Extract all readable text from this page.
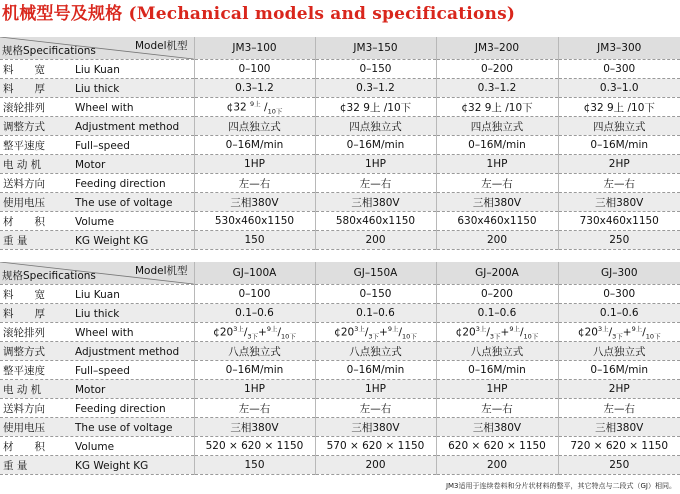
机械型号及规格 (Mechanical models and specifications)
Model机型
规格Specifications	JM3–100	JM3–150	JM3–200	JM3–300
料　　宽 Liu Kuan	0–100	0–150	0–200	0–300
料　　厚 Liu thick	0.3–1.2	0.3–1.2	0.3–1.2	0.3–1.0
滚轮排列 Wheel with	¢32 $^{9上}$ $/_{10下}$	¢32 9上 /10下	¢32 9上 /10下	¢32 9上 /10下
调整方式 Adjustment method	四点独立式	四点独立式	四点独立式	四点独立式
整平速度 Full–speed	0–16M/min	0–16M/min	0–16M/min	0–16M/min
电 动 机 Motor	1HP	1HP	1HP	2HP
送料方向 Feeding direction	左—右	左—右	左—右	左—右
使用电压 The use of voltage	三相380V	三相380V	三相380V	三相380V
材　　积 Volume	530x460x1150	580x460x1150	630x460x1150	730x460x1150
重 量 KG Weight KG	150	200	200	250
Model机型
规格Specifications	GJ–100A	GJ–150A	GJ–200A	GJ–300
料　　宽 Liu Kuan	0–100	0–150	0–200	0–300
料　　厚 Liu thick	0.1–0.6	0.1–0.6	0.1–0.6	0.1–0.6
滚轮排列 Wheel with	$¢20^{3上}/_{3下}+^{9上}/_{10下}$	$¢20^{3上}/_{3下}+^{9上}/_{10下}$	$¢20^{3上}/_{3下}+^{9上}/_{10下}$	$¢20^{3上}/_{3下}+^{9上}/_{10下}$
调整方式 Adjustment method	八点独立式	八点独立式	八点独立式	八点独立式
整平速度 Full–speed	0–16M/min	0–16M/min	0–16M/min	0–16M/min
电 动 机 Motor	1HP	1HP	1HP	2HP
送料方向 Feeding direction	左—右	左—右	左—右	左—右
使用电压 The use of voltage	三相380V	三相380V	三相380V	三相380V
材　　积 Volume	520 × 620 × 1150	570 × 620 × 1150	620 × 620 × 1150	720 × 620 × 1150
重 量 KG Weight KG	150	200	200	250
JM3适用于连续卷料和分片状材料的整平，其它特点与二段式（GJ）相同。
